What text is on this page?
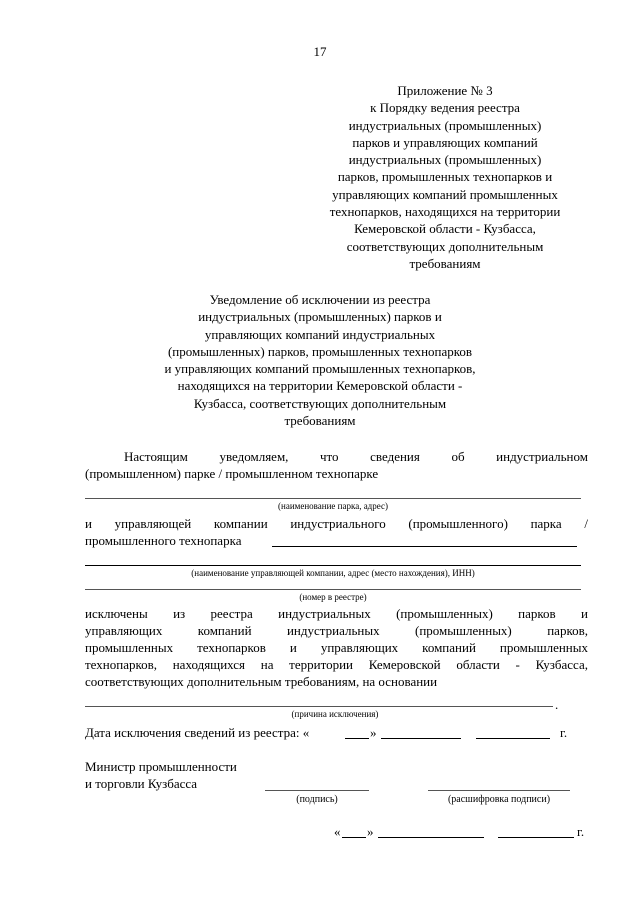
17
Приложение № 3
к Порядку ведения реестра
индустриальных (промышленных)
парков и управляющих компаний
индустриальных (промышленных)
парков, промышленных технопарков и
управляющих компаний промышленных
технопарков, находящихся на территории
Кемеровской области - Кузбасса,
соответствующих дополнительным
требованиям
Уведомление об исключении из реестра
индустриальных (промышленных) парков и
управляющих компаний индустриальных
(промышленных) парков, промышленных технопарков
и управляющих компаний промышленных технопарков,
находящихся на территории Кемеровской области -
Кузбасса, соответствующих дополнительным
требованиям
Настоящим уведомляем, что сведения об индустриальном
(промышленном) парке / промышленном технопарке
(наименование парка, адрес)
и управляющей компании индустриального (промышленного) парка /
промышленного технопарка
(наименование управляющей компании, адрес (место нахождения), ИНН)
(номер в реестре)
исключены из реестра индустриальных (промышленных) парков и
управляющих компаний индустриальных (промышленных) парков,
промышленных технопарков и управляющих компаний промышленных
технопарков, находящихся на территории Кемеровской области - Кузбасса,
соответствующих дополнительным требованиям, на основании
.
(причина исключения)
Дата исключения сведений из реестра: «	»	г.
Министр промышленности
и торговли Кузбасса
(подпись)	(расшифровка подписи)
« »	г.
